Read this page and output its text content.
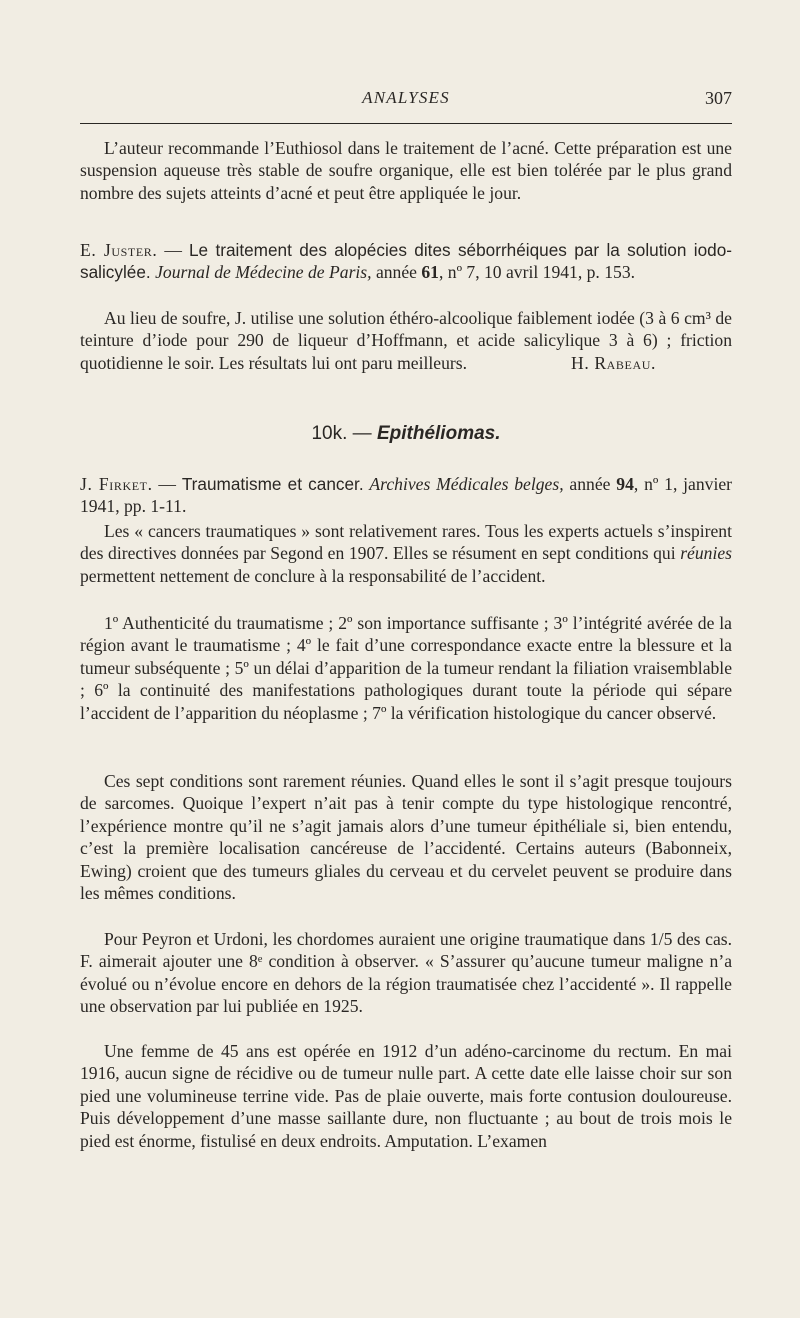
ANALYSES	307

L’auteur recommande l’Euthiosol dans le traitement de l’acné. Cette préparation est une suspension aqueuse très stable de soufre organique, elle est bien tolérée par le plus grand nombre des sujets atteints d’acné et peut être appliquée le jour.

E. Juster. — Le traitement des alopécies dites séborrhéiques par la solution iodo-salicylée. Journal de Médecine de Paris, année 61, nº 7, 10 avril 1941, p. 153.

Au lieu de soufre, J. utilise une solution éthéro-alcoolique faiblement iodée (3 à 6 cm³ de teinture d’iode pour 290 de liqueur d’Hoffmann, et acide salicylique 3 à 6) ; friction quotidienne le soir. Les résultats lui ont paru meilleurs.	H. Rabeau.

10k. — Epithéliomas.

J. Firket. — Traumatisme et cancer. Archives Médicales belges, année 94, nº 1, janvier 1941, pp. 1-11.

Les « cancers traumatiques » sont relativement rares. Tous les experts actuels s’inspirent des directives données par Segond en 1907. Elles se résument en sept conditions qui réunies permettent nettement de conclure à la responsabilité de l’accident.

1º Authenticité du traumatisme ; 2º son importance suffisante ; 3º l’intégrité avérée de la région avant le traumatisme ; 4º le fait d’une correspondance exacte entre la blessure et la tumeur subséquente ; 5º un délai d’apparition de la tumeur rendant la filiation vraisemblable ; 6º la continuité des manifestations pathologiques durant toute la période qui sépare l’accident de l’apparition du néoplasme ; 7º la vérification histologique du cancer observé.

Ces sept conditions sont rarement réunies. Quand elles le sont il s’agit presque toujours de sarcomes. Quoique l’expert n’ait pas à tenir compte du type histologique rencontré, l’expérience montre qu’il ne s’agit jamais alors d’une tumeur épithéliale si, bien entendu, c’est la première localisation cancéreuse de l’accidenté. Certains auteurs (Babonneix, Ewing) croient que des tumeurs gliales du cerveau et du cervelet peuvent se produire dans les mêmes conditions.

Pour Peyron et Urdoni, les chordomes auraient une origine traumatique dans 1/5 des cas. F. aimerait ajouter une 8ᵉ condition à observer. « S’assurer qu’aucune tumeur maligne n’a évolué ou n’évolue encore en dehors de la région traumatisée chez l’accidenté ». Il rappelle une observation par lui publiée en 1925.

Une femme de 45 ans est opérée en 1912 d’un adéno-carcinome du rectum. En mai 1916, aucun signe de récidive ou de tumeur nulle part. A cette date elle laisse choir sur son pied une volumineuse terrine vide. Pas de plaie ouverte, mais forte contusion douloureuse. Puis développement d’une masse saillante dure, non fluctuante ; au bout de trois mois le pied est énorme, fistulisé en deux endroits. Amputation. L’examen
